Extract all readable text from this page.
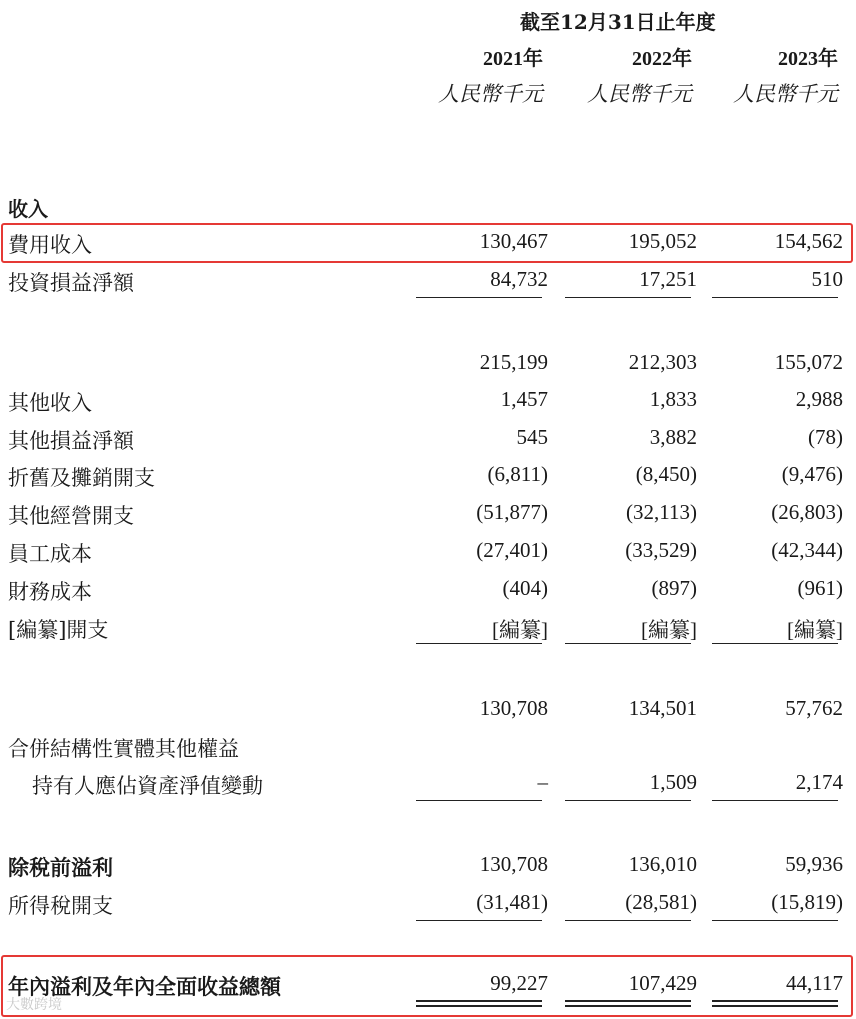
截至12月31日止年度
2021年	2022年	2023年
人民幣千元	人民幣千元	人民幣千元
收入
費用收入	130,467	195,052	154,562
投資損益淨額	84,732	17,251	510
215,199	212,303	155,072
其他收入	1,457	1,833	2,988
其他損益淨額	545	3,882	(78)
折舊及攤銷開支	(6,811)	(8,450)	(9,476)
其他經營開支	(51,877)	(32,113)	(26,803)
員工成本	(27,401)	(33,529)	(42,344)
財務成本	(404)	(897)	(961)
[編纂]開支	[編纂]	[編纂]	[編纂]
130,708	134,501	57,762
合併結構性實體其他權益
持有人應佔資產淨值變動	–	1,509	2,174
除稅前溢利	130,708	136,010	59,936
所得稅開支	(31,481)	(28,581)	(15,819)
年內溢利及年內全面收益總額	99,227	107,429	44,117
大數跨境
